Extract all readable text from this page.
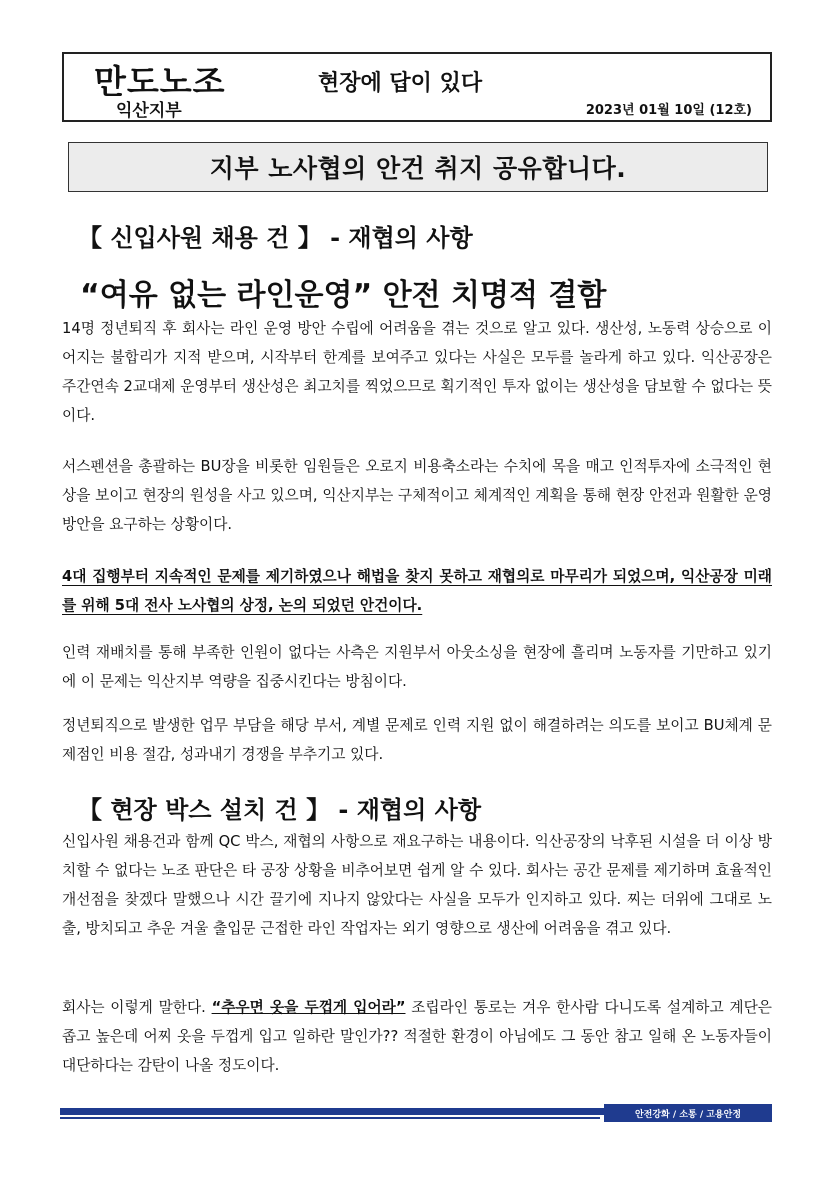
만도노조
익산지부
현장에 답이 있다
2023년 01월 10일 (12호)
지부 노사협의 안건 취지 공유합니다.
【 신입사원 채용 건 】 - 재협의 사항
“여유 없는 라인운영” 안전 치명적 결함

14명 정년퇴직 후 회사는 라인 운영 방안 수립에 어려움을 겪는 것으로 알고 있다. 생산성, 노동력 상승으로 이어지는 불합리가 지적 받으며, 시작부터 한계를 보여주고 있다는 사실은 모두를 놀라게 하고 있다. 익산공장은 주간연속 2교대제 운영부터 생산성은 최고치를 찍었으므로 획기적인 투자 없이는 생산성을 담보할 수 없다는 뜻이다.

서스펜션을 총괄하는 BU장을 비롯한 임원들은 오로지 비용축소라는 수치에 목을 매고 인적투자에 소극적인 현상을 보이고 현장의 원성을 사고 있으며, 익산지부는 구체적이고 체계적인 계획을 통해 현장 안전과 원활한 운영 방안을 요구하는 상황이다.

4대 집행부터 지속적인 문제를 제기하였으나 해법을 찾지 못하고 재협의로 마무리가 되었으며, 익산공장 미래를 위해 5대 전사 노사협의 상정, 논의 되었던 안건이다.

인력 재배치를 통해 부족한 인원이 없다는 사측은 지원부서 아웃소싱을 현장에 흘리며 노동자를 기만하고 있기에 이 문제는 익산지부 역량을 집중시킨다는 방침이다.

정년퇴직으로 발생한 업무 부담을 해당 부서, 계별 문제로 인력 지원 없이 해결하려는 의도를 보이고 BU체계 문제점인 비용 절감, 성과내기 경쟁을 부추기고 있다.

【 현장 박스 설치 건 】 - 재협의 사항

신입사원 채용건과 함께 QC 박스, 재협의 사항으로 재요구하는 내용이다. 익산공장의 낙후된 시설을 더 이상 방치할 수 없다는 노조 판단은 타 공장 상황을 비추어보면 쉽게 알 수 있다. 회사는 공간 문제를 제기하며 효율적인 개선점을 찾겠다 말했으나 시간 끌기에 지나지 않았다는 사실을 모두가 인지하고 있다. 찌는 더위에 그대로 노출, 방치되고 추운 겨울 출입문 근접한 라인 작업자는 외기 영향으로 생산에 어려움을 겪고 있다.

회사는 이렇게 말한다. “추우면 옷을 두껍게 입어라” 조립라인 통로는 겨우 한사람 다니도록 설계하고 계단은 좁고 높은데 어찌 옷을 두껍게 입고 일하란 말인가?? 적절한 환경이 아님에도 그 동안 참고 일해 온 노동자들이 대단하다는 감탄이 나올 정도이다.

안전강화 / 소통 / 고용안정
